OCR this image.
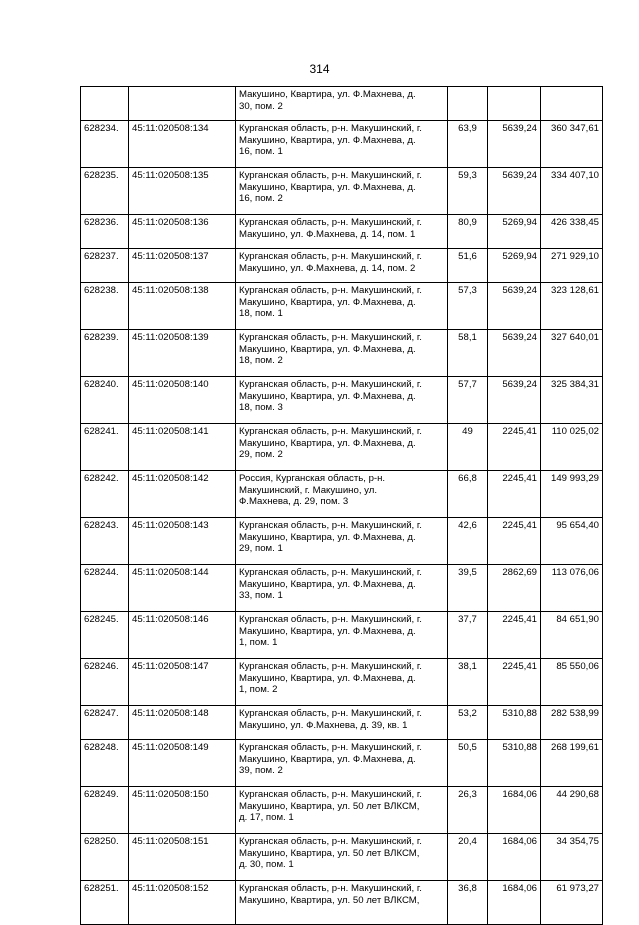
314

		Макушино, Квартира, ул. Ф.Махнева, д.
30, пом. 2			

628234.	45:11:020508:134	Курганская область, р-н. Макушинский, г.
Макушино, Квартира, ул. Ф.Махнева, д.
16, пом. 1	63,9	5639,24	360 347,61
628235.	45:11:020508:135	Курганская область, р-н. Макушинский, г.
Макушино, Квартира, ул. Ф.Махнева, д.
16, пом. 2	59,3	5639,24	334 407,10
628236.	45:11:020508:136	Курганская область, р-н. Макушинский, г.
Макушино, ул. Ф.Махнева, д. 14, пом. 1	80,9	5269,94	426 338,45
628237.	45:11:020508:137	Курганская область, р-н. Макушинский, г.
Макушино, ул. Ф.Махнева, д. 14, пом. 2	51,6	5269,94	271 929,10
628238.	45:11:020508:138	Курганская область, р-н. Макушинский, г.
Макушино, Квартира, ул. Ф.Махнева, д.
18, пом. 1	57,3	5639,24	323 128,61
628239.	45:11:020508:139	Курганская область, р-н. Макушинский, г.
Макушино, Квартира, ул. Ф.Махнева, д.
18, пом. 2	58,1	5639,24	327 640,01
628240.	45:11:020508:140	Курганская область, р-н. Макушинский, г.
Макушино, Квартира, ул. Ф.Махнева, д.
18, пом. 3	57,7	5639,24	325 384,31
628241.	45:11:020508:141	Курганская область, р-н. Макушинский, г.
Макушино, Квартира, ул. Ф.Махнева, д.
29, пом. 2	49	2245,41	110 025,02
628242.	45:11:020508:142	Россия, Курганская область, р-н.
Макушинский, г. Макушино, ул.
Ф.Махнева, д. 29, пом. 3	66,8	2245,41	149 993,29
628243.	45:11:020508:143	Курганская область, р-н. Макушинский, г.
Макушино, Квартира, ул. Ф.Махнева, д.
29, пом. 1	42,6	2245,41	95 654,40
628244.	45:11:020508:144	Курганская область, р-н. Макушинский, г.
Макушино, Квартира, ул. Ф.Махнева, д.
33, пом. 1	39,5	2862,69	113 076,06
628245.	45:11:020508:146	Курганская область, р-н. Макушинский, г.
Макушино, Квартира, ул. Ф.Махнева, д.
1, пом. 1	37,7	2245,41	84 651,90
628246.	45:11:020508:147	Курганская область, р-н. Макушинский, г.
Макушино, Квартира, ул. Ф.Махнева, д.
1, пом. 2	38,1	2245,41	85 550,06
628247.	45:11:020508:148	Курганская область, р-н. Макушинский, г.
Макушино, ул. Ф.Махнева, д. 39, кв. 1	53,2	5310,88	282 538,99
628248.	45:11:020508:149	Курганская область, р-н. Макушинский, г.
Макушино, Квартира, ул. Ф.Махнева, д.
39, пом. 2	50,5	5310,88	268 199,61
628249.	45:11:020508:150	Курганская область, р-н. Макушинский, г.
Макушино, Квартира, ул. 50 лет ВЛКСМ,
д. 17, пом. 1	26,3	1684,06	44 290,68
628250.	45:11:020508:151	Курганская область, р-н. Макушинский, г.
Макушино, Квартира, ул. 50 лет ВЛКСМ,
д. 30, пом. 1	20,4	1684,06	34 354,75
628251.	45:11:020508:152	Курганская область, р-н. Макушинский, г.
Макушино, Квартира, ул. 50 лет ВЛКСМ,	36,8	1684,06	61 973,27
